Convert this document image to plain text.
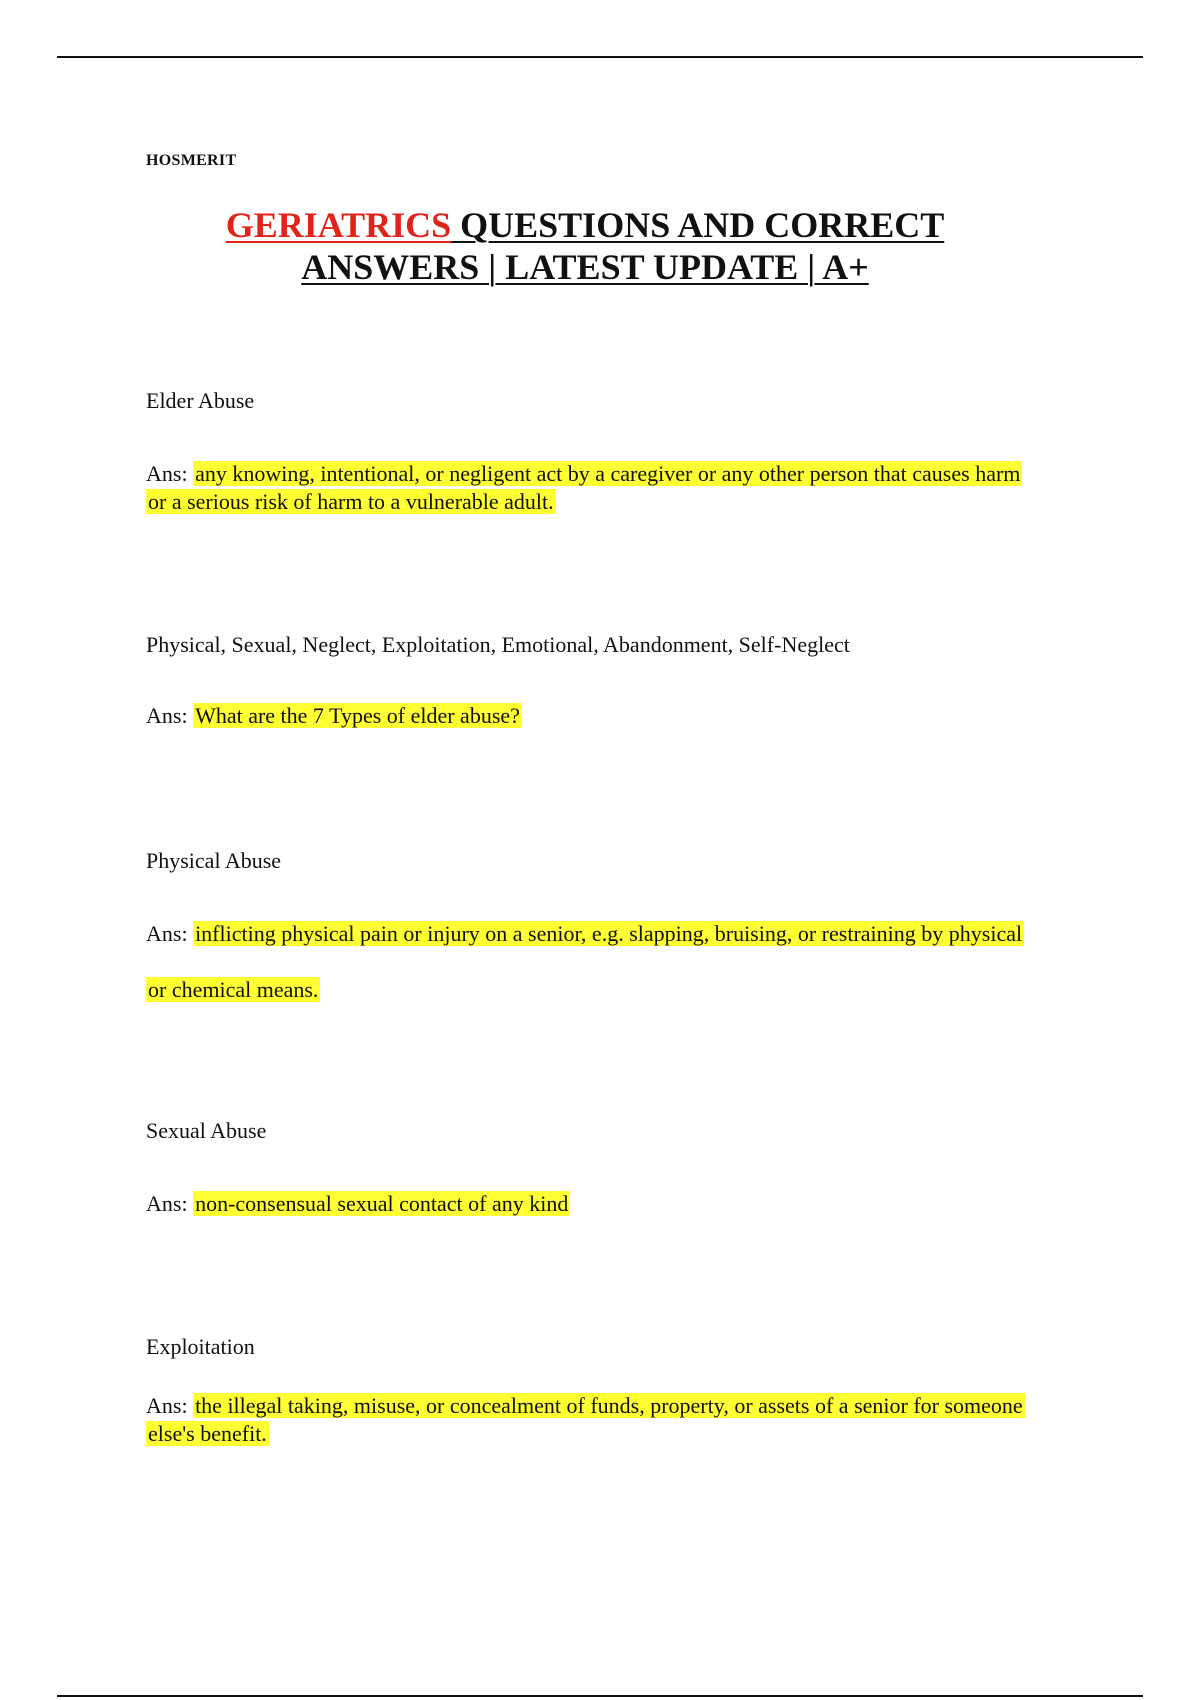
HOSMERIT
GERIATRICS QUESTIONS AND CORRECT
ANSWERS | LATEST UPDATE | A+
Elder Abuse
Ans: any knowing, intentional, or negligent act by a caregiver or any other person that causes harm or a serious risk of harm to a vulnerable adult.
Physical, Sexual, Neglect, Exploitation, Emotional, Abandonment, Self-Neglect
Ans: What are the 7 Types of elder abuse?
Physical Abuse
Ans: inflicting physical pain or injury on a senior, e.g. slapping, bruising, or restraining by physical or chemical means.
Sexual Abuse
Ans: non-consensual sexual contact of any kind
Exploitation
Ans: the illegal taking, misuse, or concealment of funds, property, or assets of a senior for someone else's benefit.
